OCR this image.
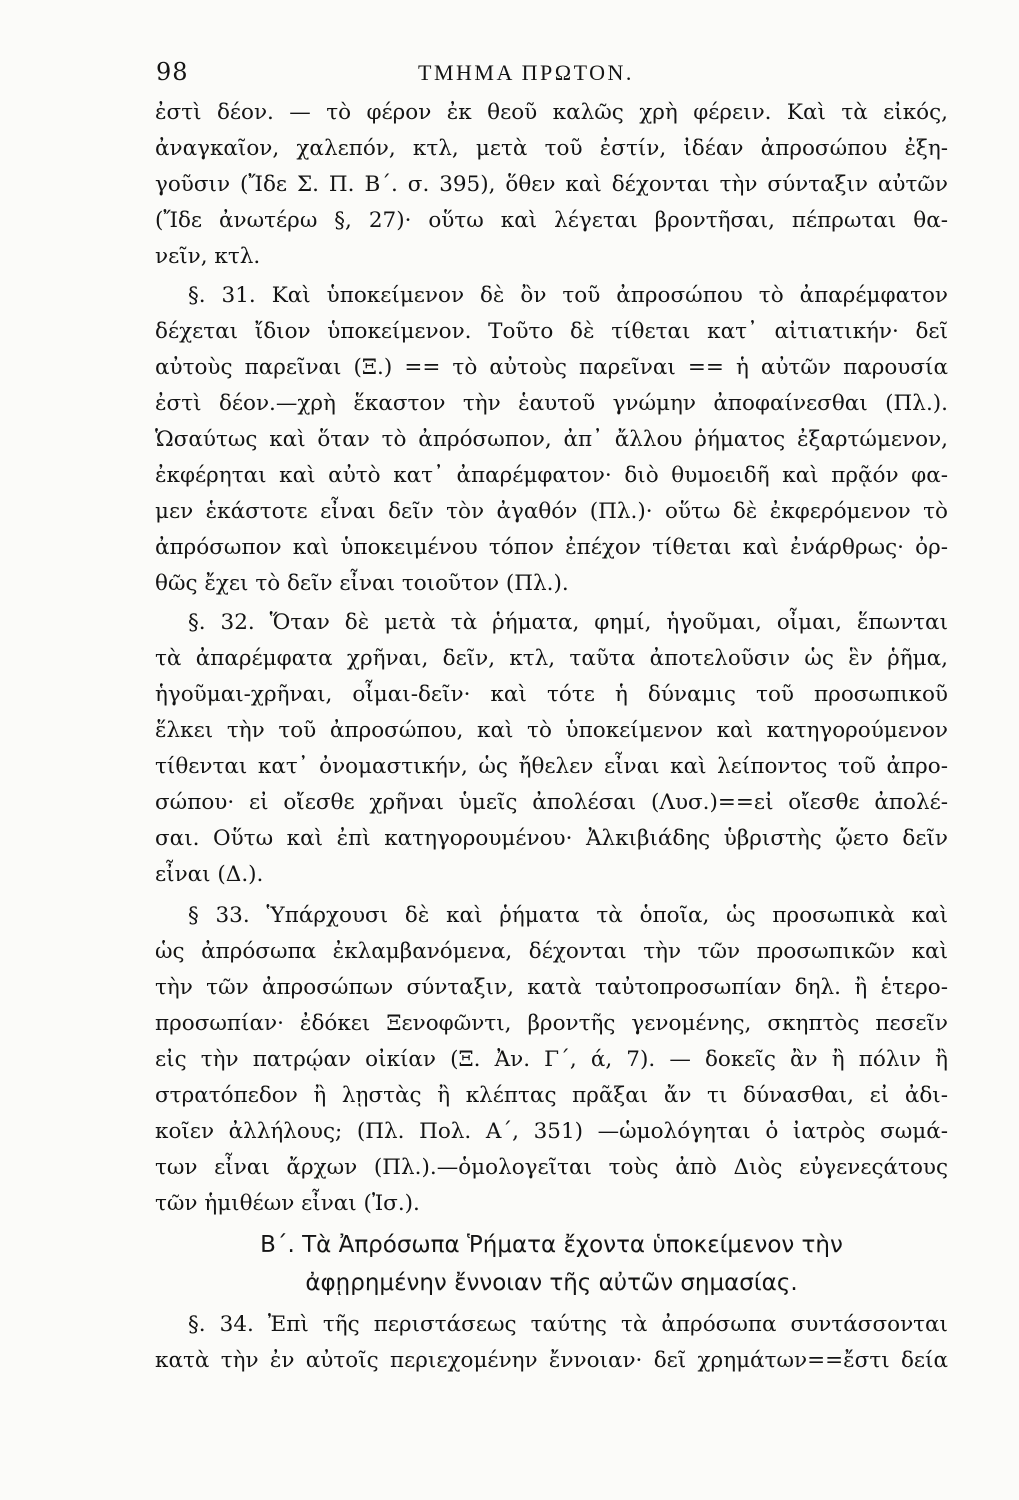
98	ΤΜΗΜΑ ΠΡΩΤΟΝ.
ἐστὶ δέον. — τὸ φέρον ἐκ θεοῦ καλῶς χρὴ φέρειν. Καὶ τὰ εἰκός,
ἀναγκαῖον, χαλεπόν, κτλ, μετὰ τοῦ ἐστίν, ἰδέαν ἀπροσώπου ἐξη-
γοῦσιν (Ἴδε Σ. Π. Β΄. σ. 395), ὅθεν καὶ δέχονται τὴν σύνταξιν αὐτῶν
(Ἴδε ἀνωτέρω §, 27)· οὕτω καὶ λέγεται βροντῆσαι, πέπρωται θα-
νεῖν, κτλ.
§. 31. Καὶ ὑποκείμενον δὲ ὂν τοῦ ἀπροσώπου τὸ ἀπαρέμφατον
δέχεται ἴδιον ὑποκείμενον. Τοῦτο δὲ τίθεται κατ᾿ αἰτιατικήν· δεῖ
αὐτοὺς παρεῖναι (Ξ.) == τὸ αὐτοὺς παρεῖναι == ἡ αὐτῶν παρουσία
ἐστὶ δέον.—χρὴ ἕκαστον τὴν ἑαυτοῦ γνώμην ἀποφαίνεσθαι (Πλ.).
Ὡσαύτως καὶ ὅταν τὸ ἀπρόσωπον, ἀπ᾿ ἄλλου ῥήματος ἐξαρτώμενον,
ἐκφέρηται καὶ αὐτὸ κατ᾿ ἀπαρέμφατον· διὸ θυμοειδῆ καὶ πρᾷόν φα-
μεν ἑκάστοτε εἶναι δεῖν τὸν ἀγαθόν (Πλ.)· οὕτω δὲ ἐκφερόμενον τὸ
ἀπρόσωπον καὶ ὑποκειμένου τόπον ἐπέχον τίθεται καὶ ἐνάρθρως· ὀρ-
θῶς ἔχει τὸ δεῖν εἶναι τοιοῦτον (Πλ.).
§. 32. Ὅταν δὲ μετὰ τὰ ῥήματα, φημί, ἡγοῦμαι, οἶμαι, ἕπωνται
τὰ ἀπαρέμφατα χρῆναι, δεῖν, κτλ, ταῦτα ἀποτελοῦσιν ὡς ἓν ῥῆμα,
ἡγοῦμαι-χρῆναι, οἶμαι-δεῖν· καὶ τότε ἡ δύναμις τοῦ προσωπικοῦ
ἕλκει τὴν τοῦ ἀπροσώπου, καὶ τὸ ὑποκείμενον καὶ κατηγορούμενον
τίθενται κατ᾿ ὀνομαστικήν, ὡς ἤθελεν εἶναι καὶ λείποντος τοῦ ἀπρο-
σώπου· εἰ οἴεσθε χρῆναι ὑμεῖς ἀπολέσαι (Λυσ.)==εἰ οἴεσθε ἀπολέ-
σαι. Οὕτω καὶ ἐπὶ κατηγορουμένου· Ἀλκιβιάδης ὑβριστὴς ᾤετο δεῖν
εἶναι (Δ.).
§ 33. Ὑπάρχουσι δὲ καὶ ῥήματα τὰ ὁποῖα, ὡς προσωπικὰ καὶ
ὡς ἀπρόσωπα ἐκλαμβανόμενα, δέχονται τὴν τῶν προσωπικῶν καὶ
τὴν τῶν ἀπροσώπων σύνταξιν, κατὰ ταὐτοπροσωπίαν δηλ. ἢ ἑτερο-
προσωπίαν· ἐδόκει Ξενοφῶντι, βροντῆς γενομένης, σκηπτὸς πεσεῖν
εἰς τὴν πατρῴαν οἰκίαν (Ξ. Ἀν. Γ΄, ά, 7). — δοκεῖς ἂν ἢ πόλιν ἢ
στρατόπεδον ἢ λῃστὰς ἢ κλέπτας πρᾶξαι ἄν τι δύνασθαι, εἰ ἀδι-
κοῖεν ἀλλήλους; (Πλ. Πολ. Α΄, 351) —ὡμολόγηται ὁ ἰατρὸς σωμά-
των εἶναι ἄρχων (Πλ.).—ὁμολογεῖται τοὺς ἀπὸ Διὸς εὐγενεςάτους
τῶν ἡμιθέων εἶναι (Ἰσ.).
Β΄. Τὰ Ἀπρόσωπα Ῥήματα ἔχοντα ὑποκείμενον τὴν
ἀφῃρημένην ἔννοιαν τῆς αὐτῶν σημασίας.
§. 34. Ἐπὶ τῆς περιστάσεως ταύτης τὰ ἀπρόσωπα συντάσσονται
κατὰ τὴν ἐν αὐτοῖς περιεχομένην ἔννοιαν· δεῖ χρημάτων==ἔστι δεία
